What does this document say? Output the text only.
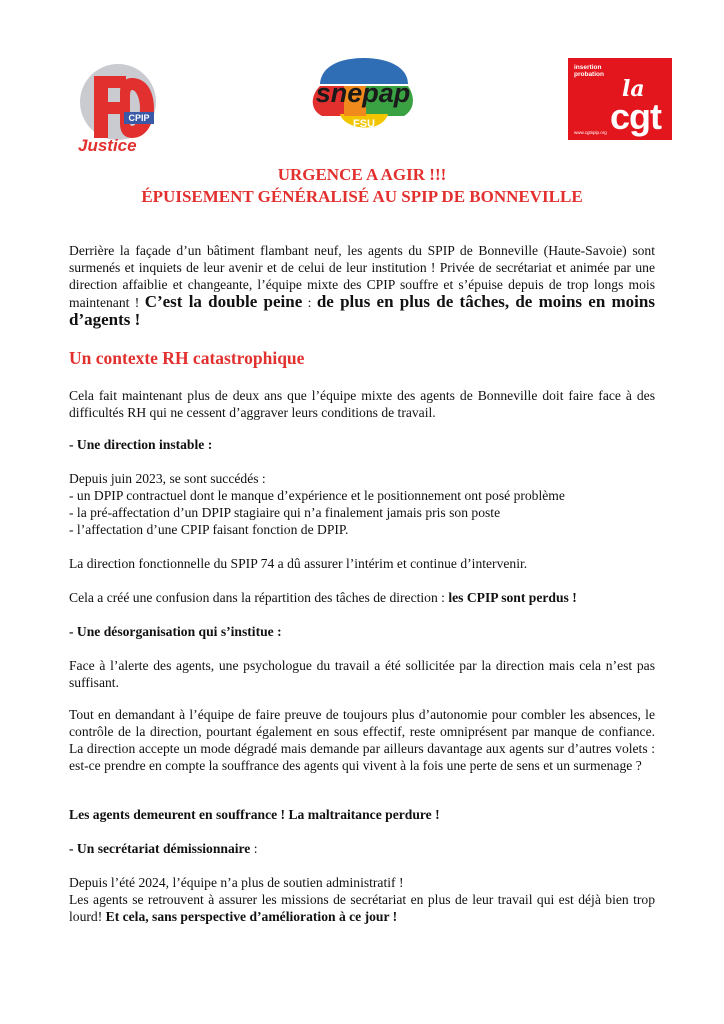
CPIP
Justice
snepap
FSU
insertion
probation
la
cgt
www.cgtspip.org
URGENCE A AGIR !!!
ÉPUISEMENT GÉNÉRALISÉ AU SPIP DE BONNEVILLE
Derrière la façade d’un bâtiment flambant neuf, les agents du SPIP de Bonneville (Haute-Savoie) sont surmenés et inquiets de leur avenir et de celui de leur institution ! Privée de secrétariat et animée par une direction affaiblie et changeante, l’équipe mixte des CPIP souffre et s’épuise depuis de trop longs mois maintenant ! C’est la double peine : de plus en plus de tâches, de moins en moins d’agents !
Un contexte RH catastrophique
Cela fait maintenant plus de deux ans que l’équipe mixte des agents de Bonneville doit faire face à des difficultés RH qui ne cessent d’aggraver leurs conditions de travail.
- Une direction instable :
Depuis juin 2023, se sont succédés :
- un DPIP contractuel dont le manque d’expérience et le positionnement ont posé problème
- la pré-affectation d’un DPIP stagiaire qui n’a finalement jamais pris son poste
- l’affectation d’une CPIP faisant fonction de DPIP.
La direction fonctionnelle du SPIP 74 a dû assurer l’intérim et continue d’intervenir.
Cela a créé une confusion dans la répartition des tâches de direction : les CPIP sont perdus !
- Une désorganisation qui s’institue :
Face à l’alerte des agents, une psychologue du travail a été sollicitée par la direction mais cela n’est pas suffisant.
Tout en demandant à l’équipe de faire preuve de toujours plus d’autonomie pour combler les absences, le contrôle de la direction, pourtant également en sous effectif, reste omniprésent par manque de confiance. La direction accepte un mode dégradé mais demande par ailleurs davantage aux agents sur d’autres volets : est-ce prendre en compte la souffrance des agents qui vivent à la fois une perte de sens et un surmenage ?
Les agents demeurent en souffrance ! La maltraitance perdure !
- Un secrétariat démissionnaire :
Depuis l’été 2024, l’équipe n’a plus de soutien administratif !
Les agents se retrouvent à assurer les missions de secrétariat en plus de leur travail qui est déjà bien trop lourd! Et cela, sans perspective d’amélioration à ce jour !
